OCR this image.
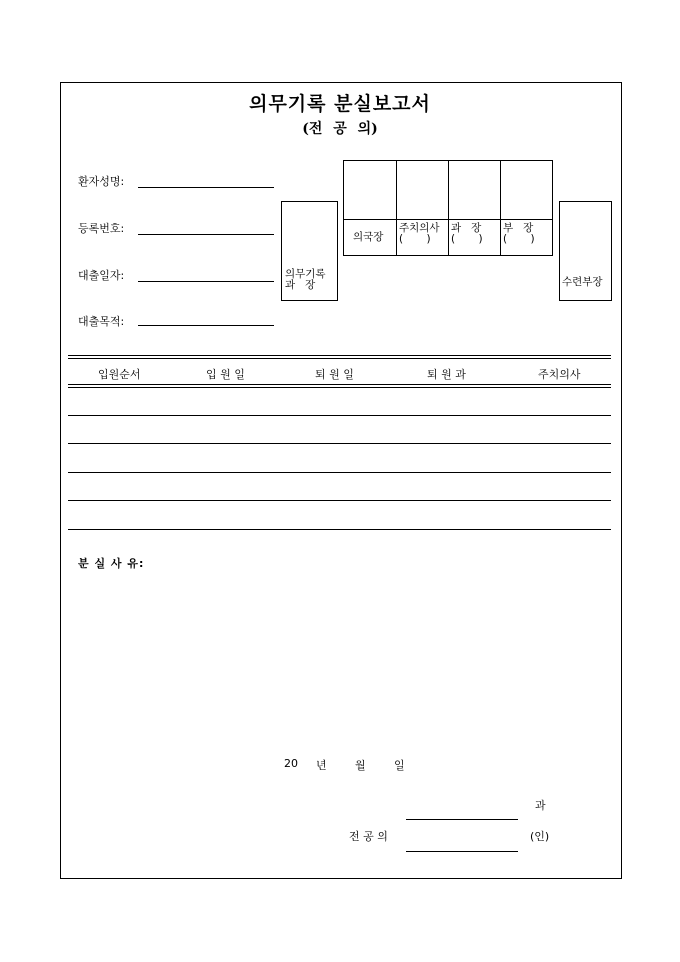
의무기록 분실보고서
(전 공 의)
환자성명:
등록번호:
대출일자:
대출목적:
의무기록
과   장
의국장
주치의사
(       )
과   장
(       )
부   장
(       )
수련부장
입원순서	입 원 일	퇴 원 일	퇴 원 과	주치의사
분 실 사 유:
20 년	월	일
과
전 공 의	(인)
